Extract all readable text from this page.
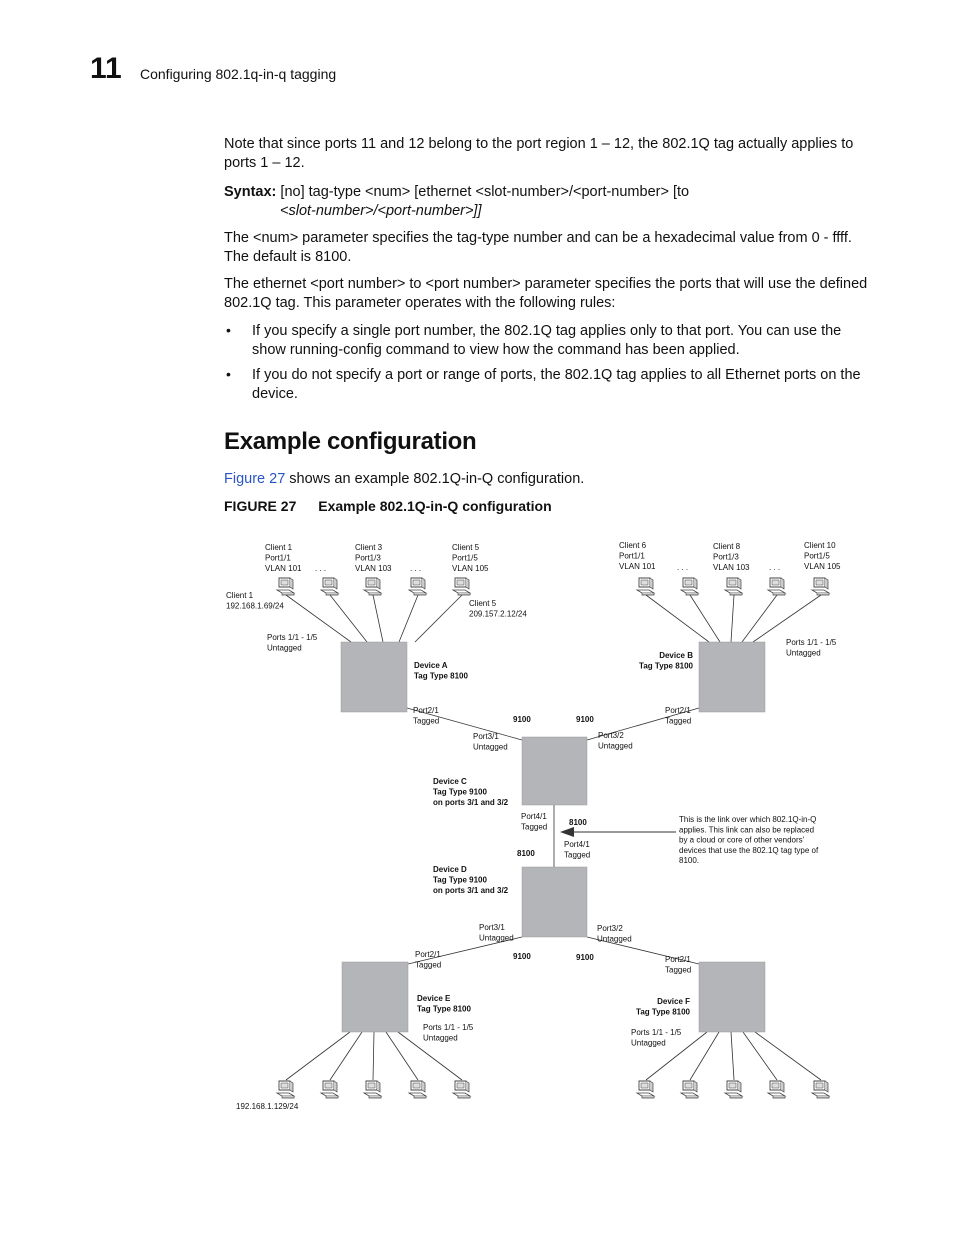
11 Configuring 802.1q-in-q tagging
Note that since ports 11 and 12 belong to the port region 1 – 12, the 802.1Q tag actually applies to ports 1 – 12.
Syntax: [no] tag-type <num> [ethernet <slot-number>/<port-number> [to
<slot-number>/<port-number>]]
The <num> parameter specifies the tag-type number and can be a hexadecimal value from 0 - ffff. The default is 8100.
The ethernet <port number> to <port number> parameter specifies the ports that will use the defined 802.1Q tag. This parameter operates with the following rules:
• If you specify a single port number, the 802.1Q tag applies only to that port. You can use the show running-config command to view how the command has been applied.
• If you do not specify a port or range of ports, the 802.1Q tag applies to all Ethernet ports on the device.
Example configuration
Figure 27 shows an example 802.1Q-in-Q configuration.
FIGURE 27 Example 802.1Q-in-Q configuration
Client 1 Port1/1 VLAN 101
Client 3 Port1/3 VLAN 103
Client 5 Port1/5 VLAN 105
Client 6 Port1/1 VLAN 101
Client 8 Port1/3 VLAN 103
Client 10 Port1/5 VLAN 105
. . .	. . .	. . .	. . .
Client 1 192.168.1.69/24	Client 5 209.157.2.12/24
Ports 1/1 - 1/5 Untagged
Ports 1/1 - 1/5 Untagged
Device A Tag Type 8100
Device B Tag Type 8100
Port2/1 Tagged
Port2/1 Tagged
9100	9100
Port3/1 Untagged
Port3/2 Untagged
Device C Tag Type 9100 on ports 3/1 and 3/2
Port4/1 Tagged	8100
Port4/1 Tagged
8100
This is the link over which 802.1Q-in-Q applies. This link can also be replaced by a cloud or core of other vendors' devices that use the 802.1Q tag type of 8100.
Device D Tag Type 9100 on ports 3/1 and 3/2
Port3/1 Untagged
Port3/2 Untagged
Port2/1 Tagged
9100	9100	Port2/1 Tagged
Device E Tag Type 8100
Device F Tag Type 8100
Ports 1/1 - 1/5 Untagged
Ports 1/1 - 1/5 Untagged
192.168.1.129/24
